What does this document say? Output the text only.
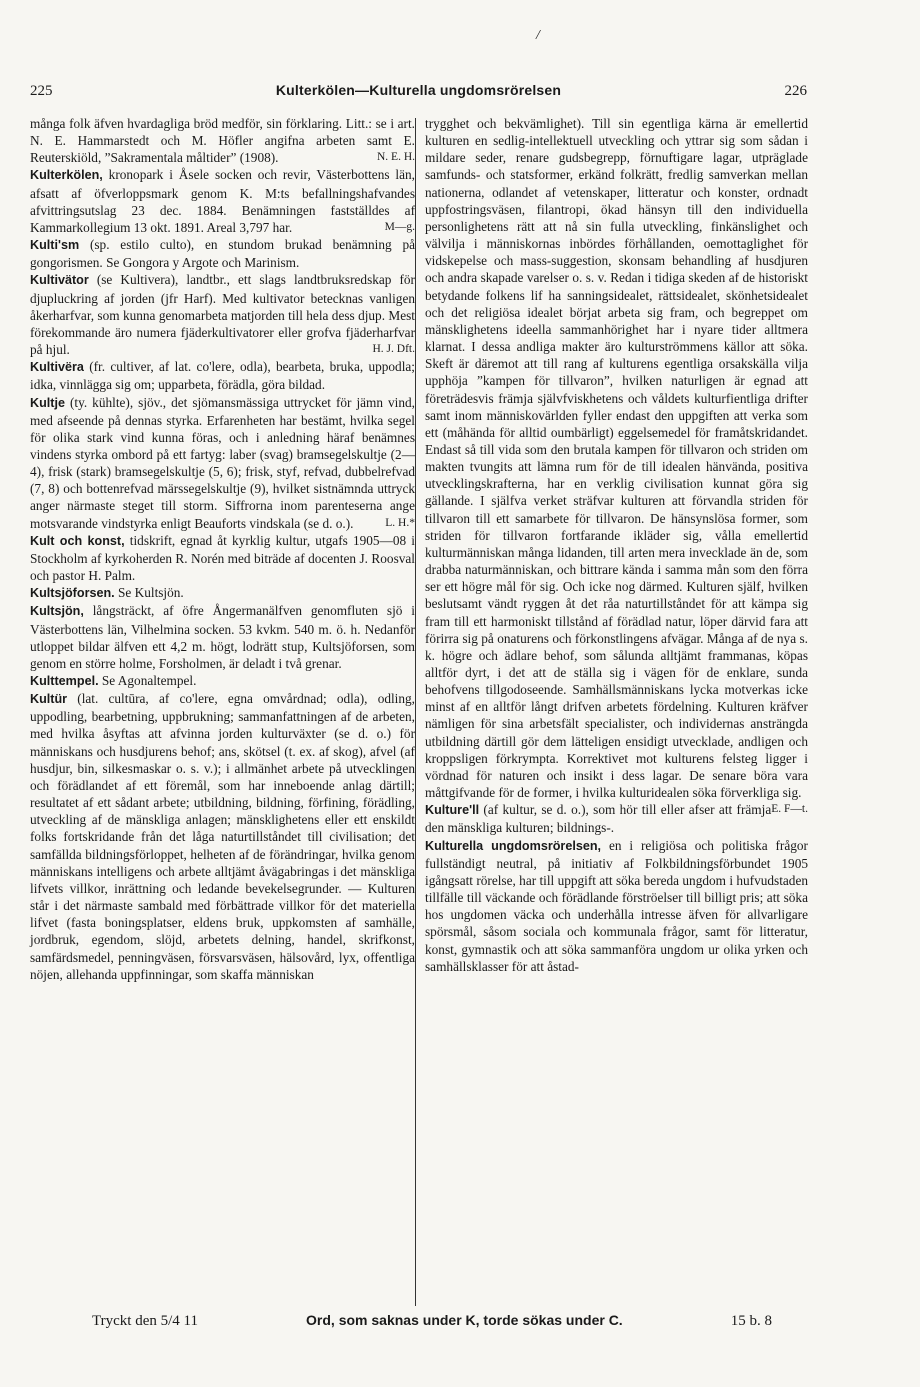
/
225	Kulterkölen—Kulturella ungdomsrörelsen	226

många folk äfven hvardagliga bröd medför, sin förklaring. Litt.: se i art. N. E. Hammarstedt och M. Höfler angifna arbeten samt E. Reuterskiöld, ”Sakramentala måltider” (1908).	N. E. H.

Kulterkölen, kronopark i Åsele socken och revir, Västerbottens län, afsatt af öfverloppsmark genom K. M:ts befallningshafvandes afvittringsutslag 23 dec. 1884. Benämningen fastställdes af Kammarkollegium 13 okt. 1891. Areal 3,797 har.	M—g.

Kulti'sm (sp. estilo culto), en stundom brukad benämning på gongorismen. Se Gongora y Argote och Marinism.

Kultivätor (se Kultivera), landtbr., ett slags landtbruksredskap för djupluckring af jorden (jfr Harf). Med kultivator betecknas vanligen åkerharfvar, som kunna genomarbeta matjorden till hela dess djup. Mest förekommande äro numera fjäderkultivatorer eller grofva fjäderharfvar på hjul.	H. J. Dft.

Kultivëra (fr. cultiver, af lat. co'lere, odla), bearbeta, bruka, uppodla; idka, vinnlägga sig om; upparbeta, förädla, göra bildad.

Kultje (ty. kühlte), sjöv., det sjömansmässiga uttrycket för jämn vind, med afseende på dennas styrka. Erfarenheten har bestämt, hvilka segel för olika stark vind kunna föras, och i anledning häraf benämnes vindens styrka ombord på ett fartyg: laber (svag) bramsegelskultje (2—4), frisk (stark) bramsegelskultje (5, 6); frisk, styf, refvad, dubbelrefvad (7, 8) och bottenrefvad märssegelskultje (9), hvilket sistnämnda uttryck anger närmaste steget till storm. Siffrorna inom parenteserna ange motsvarande vindstyrka enligt Beauforts vindskala (se d. o.).	L. H.*

Kult och konst, tidskrift, egnad åt kyrklig kultur, utgafs 1905—08 i Stockholm af kyrkoherden R. Norén med biträde af docenten J. Roosval och pastor H. Palm.

Kultsjöforsen. Se Kultsjön.

Kultsjön, långsträckt, af öfre Ångermanälfven genomfluten sjö i Västerbottens län, Vilhelmina socken. 53 kvkm. 540 m. ö. h. Nedanför utloppet bildar älfven ett 4,2 m. högt, lodrätt stup, Kultsjöforsen, som genom en större holme, Forsholmen, är deladt i två grenar.

Kulttempel. Se Agonaltempel.

Kultür (lat. cultūra, af co'lere, egna omvårdnad; odla), odling, uppodling, bearbetning, uppbrukning; sammanfattningen af de arbeten, med hvilka åsyftas att afvinna jorden kulturväxter (se d. o.) för människans och husdjurens behof; ans, skötsel (t. ex. af skog), afvel (af husdjur, bin, silkesmaskar o. s. v.); i allmänhet arbete på utvecklingen och förädlandet af ett föremål, som har inneboende anlag därtill; resultatet af ett sådant arbete; utbildning, bildning, förfining, förädling, utveckling af de mänskliga anlagen; mänsklighetens eller ett enskildt folks fortskridande från det låga naturtillståndet till civilisation; det samfällda bildningsförloppet, helheten af de förändringar, hvilka genom människans intelligens och arbete alltjämt åvägabringas i det mänskliga lifvets villkor, inrättning och ledande bevekelsegrunder. — Kulturen står i det närmaste sambald med förbättrade villkor för det materiella lifvet (fasta boningsplatser, eldens bruk, uppkomsten af samhälle, jordbruk, egendom, slöjd, arbetets delning, handel, skrifkonst, samfärdsmedel, penningväsen, försvarsväsen, hälsovård, lyx, offentliga nöjen, allehanda uppfinningar, som skaffa människan

trygghet och bekvämlighet). Till sin egentliga kärna är emellertid kulturen en sedlig-intellektuell utveckling och yttrar sig som sådan i mildare seder, renare gudsbegrepp, förnuftigare lagar, utpräglade samfunds- och statsformer, erkänd folkrätt, fredlig samverkan mellan nationerna, odlandet af vetenskaper, litteratur och konster, ordnadt uppfostringsväsen, filantropi, ökad hänsyn till den individuella personlighetens rätt att nå sin fulla utveckling, finkänslighet och välvilja i människornas inbördes förhållanden, oemottaglighet för vidskepelse och mass-suggestion, skonsam behandling af husdjuren och andra skapade varelser o. s. v. Redan i tidiga skeden af de historiskt betydande folkens lif ha sanningsidealet, rättsidealet, skönhetsidealet och det religiösa idealet börjat arbeta sig fram, och begreppet om mänsklighetens ideella sammanhörighet har i nyare tider alltmera klarnat. I dessa andliga makter äro kulturströmmens källor att söka. Skeft är däremot att till rang af kulturens egentliga orsakskälla vilja upphöja ”kampen för tillvaron”, hvilken naturligen är egnad att företrädesvis främja självfviskhetens och våldets kulturfientliga drifter samt inom människovärlden fyller endast den uppgiften att verka som ett (måhända för alltid oumbärligt) eggelsemedel för framåtskridandet. Endast så till vida som den brutala kampen för tillvaron och striden om makten tvungits att lämna rum för de till idealen hänvända, positiva utvecklingskrafterna, har en verklig civilisation kunnat göra sig gällande. I själfva verket sträfvar kulturen att förvandla striden för tillvaron till ett samarbete för tillvaron. De hänsynslösa former, som striden för tillvaron fortfarande ikläder sig, vålla emellertid kulturmänniskan många lidanden, till arten mera invecklade än de, som drabba naturmänniskan, och bittrare kända i samma mån som den förra ser ett högre mål för sig. Och icke nog därmed. Kulturen själf, hvilken beslutsamt vändt ryggen åt det råa naturtillståndet för att kämpa sig fram till ett harmoniskt tillstånd af förädlad natur, löper därvid fara att förirra sig på onaturens och förkonstlingens afvägar. Många af de nya s. k. högre och ädlare behof, som sålunda alltjämt frammanas, köpas alltför dyrt, i det att de ställa sig i vägen för de enklare, sunda behofvens tillgodoseende. Samhällsmänniskans lycka motverkas icke minst af en alltför långt drifven arbetets fördelning. Kulturen kräfver nämligen för sina arbetsfält specialister, och individernas ansträngda utbildning därtill gör dem lätteligen ensidigt utvecklade, andligen och kroppsligen förkrympta. Korrektivet mot kulturens felsteg ligger i vördnad för naturen och insikt i dess lagar. De senare böra vara måttgifvande för de former, i hvilka kulturidealen söka förverkliga sig.
E. F—t.

Kulture'll (af kultur, se d. o.), som hör till eller afser att främja den mänskliga kulturen; bildnings-.

Kulturella ungdomsrörelsen, en i religiösa och politiska frågor fullständigt neutral, på initiativ af Folkbildningsförbundet 1905 igångsatt rörelse, har till uppgift att söka bereda ungdom i hufvudstaden tillfälle till väckande och förädlande förströelser till billigt pris; att söka hos ungdomen väcka och underhålla intresse äfven för allvarligare spörsmål, såsom sociala och kommunala frågor, samt för litteratur, konst, gymnastik och att söka sammanföra ungdom ur olika yrken och samhällsklasser för att åstad-

Tryckt den 5/4 11	Ord, som saknas under K, torde sökas under C.	15 b. 8
